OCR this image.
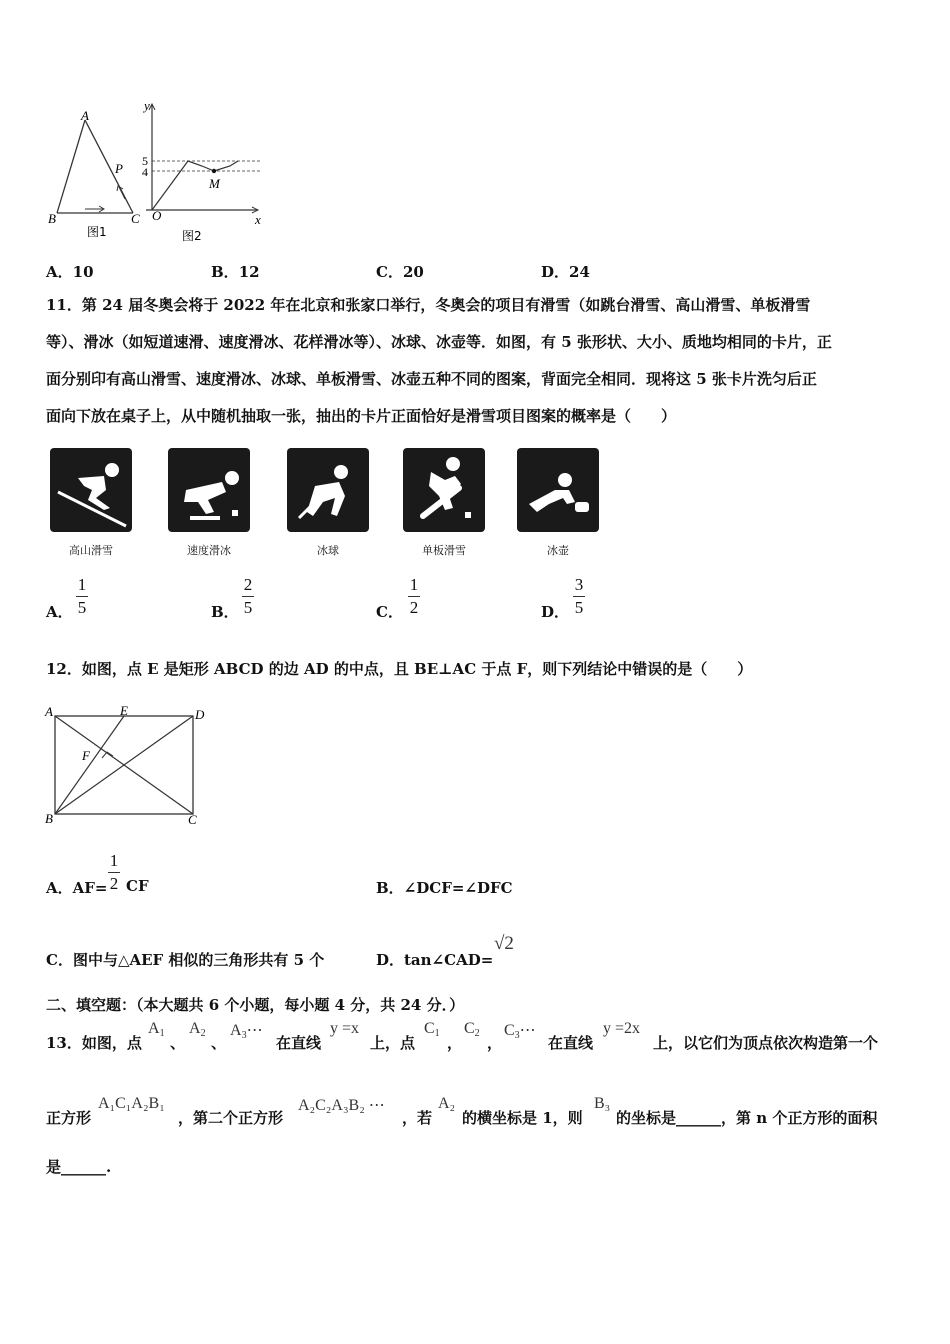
A
B	C
P
图1
y
x
O
5
4
M
图2
A．10	B．12	C．20	D．24
11．第 24 届冬奥会将于 2022 年在北京和张家口举行，冬奥会的项目有滑雪（如跳台滑雪、高山滑雪、单板滑雪
等）、滑冰（如短道速滑、速度滑冰、花样滑冰等）、冰球、冰壶等．如图，有 5 张形状、大小、质地均相同的卡片，正
面分别印有高山滑雪、速度滑冰、冰球、单板滑雪、冰壶五种不同的图案，背面完全相同．现将这 5 张卡片洗匀后正
面向下放在桌子上，从中随机抽取一张，抽出的卡片正面恰好是滑雪项目图案的概率是（　　）
高山滑雪	速度滑冰	冰球	单板滑雪	冰壶
A．
1
5	B．
2
5	C．
1
2	D．
3
5
12．如图，点 E 是矩形 ABCD 的边 AD 的中点，且 BE⊥AC 于点 F，则下列结论中错误的是（　　）
A	E	D
F
B	C
A．AF=
1
2 CF	B．∠DCF=∠DFC
C．图中与△AEF 相似的三角形共有 5 个	D．tan∠CAD=
√2
二、填空题：（本大题共 6 个小题，每小题 4 分，共 24 分．）
13．如图，点
$A_1$
、
$A_2$
、
$A_3\cdots$
在直线
y =x
上，点
$C_1$
，
$C_2$
，
$C_3\cdots$
在直线
y =2x
上，以它们为顶点依次构造第一个
正方形
A₁C₁A₂B₁
，第二个正方形
A₂C₂A₃B₂ ⋯
，若
A₂
的横坐标是 1，则
B₃
的坐标是______，第 n 个正方形的面积
是______.
